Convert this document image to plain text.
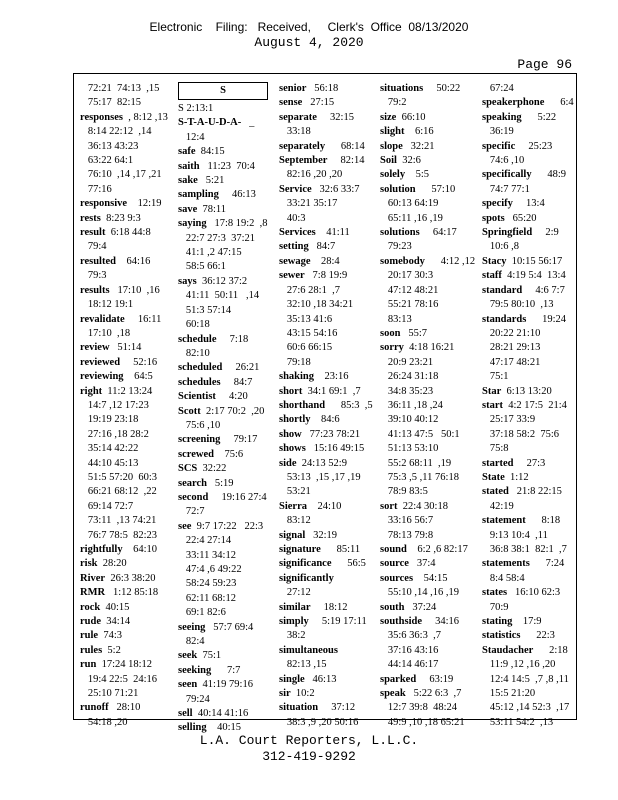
Electronic    Filing:   Received,     Clerk's  Office  08/13/2020
August 4, 2020
Page 96
72:21  74:13  ,15
75:17  82:15
responses  , 8:12 ,13
8:14 22:12  ,14
36:13 43:23
63:22 64:1
76:10  ,14 ,17 ,21
77:16
responsive    12:19
rests  8:23 9:3
result  6:18 44:8
79:4
resulted    64:16
79:3
results   17:10  ,16
18:12 19:1
revalidate     16:11
17:10  ,18
review   51:14
reviewed     52:16
reviewing    64:5
right  11:2 13:24
14:7 ,12 17:23
19:19 23:18
27:16 ,18 28:2
35:14 42:22
44:10 45:13
51:5 57:20  60:3
66:21 68:12  ,22
69:14 72:7
73:11  ,13 74:21
76:7 78:5  82:23
rightfully    64:10
risk  28:20
River  26:3 38:20
RMR   1:12 85:18
rock  40:15
rude  34:14
rule  74:3
rules  5:2
run  17:24 18:12
19:4 22:5  24:16
25:10 71:21
runoff   28:10
54:18 ,20
S
S 2:13:1
S-T-A-U-D-A-   _
12:4
safe  84:15
saith   11:23  70:4
sake   5:21
sampling     46:13
save  78:11
saying   17:8 19:2  ,8
22:7 27:3  37:21
41:1 ,2 47:15
58:5 66:1
says  36:12 37:2
41:11  50:11   ,14
51:3 57:14
60:18
schedule     7:18
82:10
scheduled     26:21
schedules     84:7
Scientist     4:20
Scott  2:17 70:2  ,20
75:6 ,10
screening     79:17
screwed    75:6
SCS  32:22
search   5:19
second     19:16 27:4
72:7
see  9:7 17:22   22:3
22:4 27:14
33:11 34:12
47:4 ,6 49:22
58:24 59:23
62:11 68:12
69:1 82:6
seeing   57:7 69:4
82:4
seek  75:1
seeking      7:7
seen  41:19 79:16
79:24
sell  40:14 41:16
selling    40:15
senior   56:18
sense   27:15
separate     32:15
33:18
separately      68:14
September     82:14
82:16 ,20 ,20
Service   32:6 33:7
33:21 35:17
40:3
Services    41:11
setting   84:7
sewage    28:4
sewer   7:8 19:9
27:6 28:1  ,7
32:10 ,18 34:21
35:13 41:6
43:15 54:16
60:6 66:15
79:18
shaking    23:16
short  34:1 69:1  ,7
shorthand      85:3  ,5
shortly    84:6
show   77:23 78:21
shows   15:16 49:15
side  24:13 52:9
53:13  ,15 ,17 ,19
53:21
Sierra    24:10
83:12
signal   32:19
signature      85:11
significance      56:5
significantly
27:12
similar     18:12
simply     5:19 17:11
38:2
simultaneous
82:13 ,15
single   46:13
sir  10:2
situation     37:12
38:3 ,9 ,20 50:16
situations     50:22
79:2
size  66:10
slight    6:16
slope   32:21
Soil  32:6
solely    5:5
solution      57:10
60:13 64:19
65:11 ,16 ,19
solutions     64:17
79:23
somebody      4:12 ,12
20:17 30:3
47:12 48:21
55:21 78:16
83:13
soon   55:7
sorry  4:18 16:21
20:9 23:21
26:24 31:18
34:8 35:23
36:11 ,18 ,24
39:10 40:12
41:13 47:5   50:1
51:13 53:10
55:2 68:11  ,19
75:3 ,5 ,11 76:18
78:9 83:5
sort  22:4 30:18
33:16 56:7
78:13 79:8
sound    6:2 ,6 82:17
source   37:4
sources    54:15
55:10 ,14 ,16 ,19
south   37:24
southside     34:16
35:6 36:3  ,7
37:16 43:16
44:14 46:17
sparked     63:19
speak   5:22 6:3  ,7
12:7 39:8  48:24
49:9 ,10 ,18 65:21
67:24
speakerphone      6:4
speaking      5:22
36:19
specific     25:23
74:6 ,10
specifically      48:9
74:7 77:1
specify     13:4
spots   65:20
Springfield     2:9
10:6 ,8
Stacy  10:15 56:17
staff  4:19 5:4  13:4
standard     4:6 7:7
79:5 80:10  ,13
standards      19:24
20:22 21:10
28:21 29:13
47:17 48:21
75:1
Star  6:13 13:20
start  4:2 17:5  21:4
25:17 33:9
37:18 58:2  75:6
75:8
started     27:3
State  1:12
stated   21:8 22:15
42:19
statement      8:18
9:13 10:4  ,11
36:8 38:1  82:1  ,7
statements      7:24
8:4 58:4
states   16:10 62:3
70:9
stating    17:9
statistics      22:3
Staudacher      2:18
11:9 ,12 ,16 ,20
12:4 14:5  ,7 ,8 ,11
15:5 21:20
45:12 ,14 52:3  ,17
53:11 54:2  ,13
L.A. Court Reporters, L.L.C.
312-419-9292
